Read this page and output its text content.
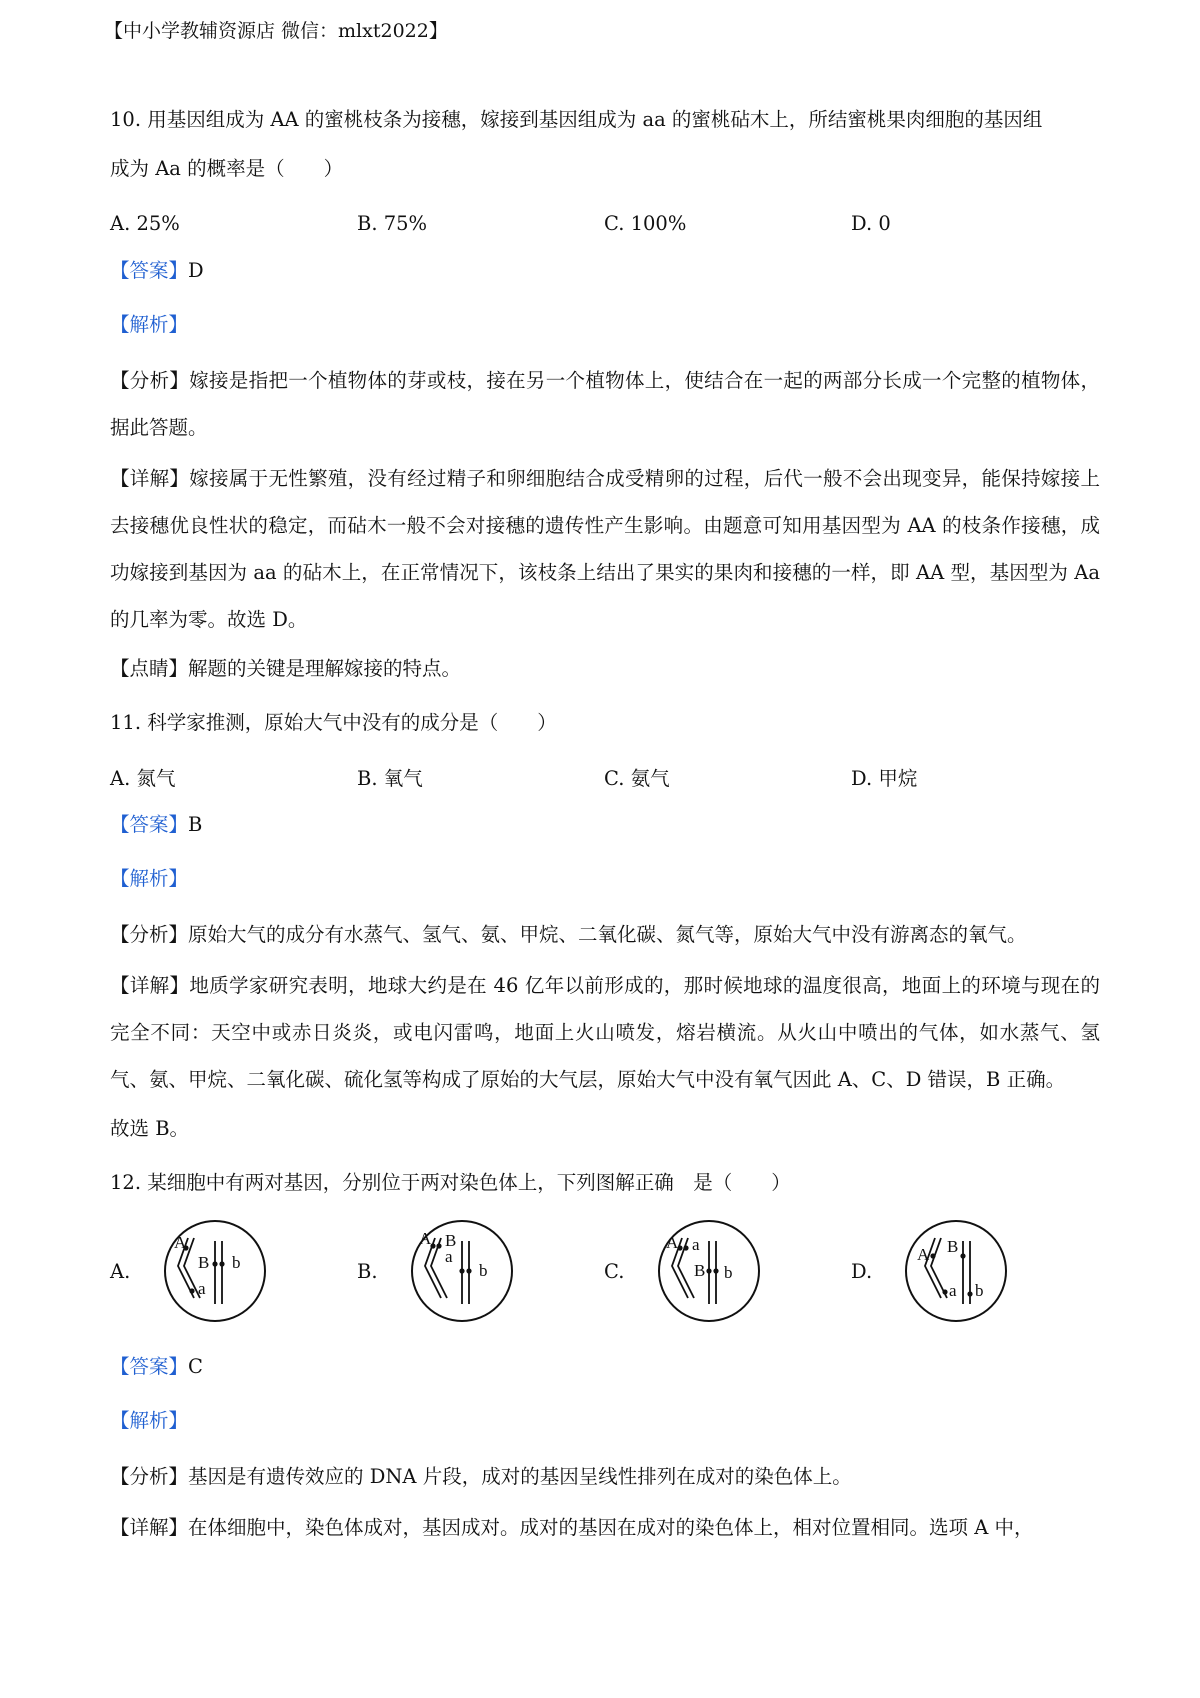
【中小学教辅资源店 微信：mlxt2022】
10. 用基因组成为 AA 的蜜桃枝条为接穗，嫁接到基因组成为 aa 的蜜桃砧木上，所结蜜桃果肉细胞的基因组
成为 Aa 的概率是（　　）
A. 25%	B. 75%	C. 100%	D. 0
【答案】D
【解析】
【分析】嫁接是指把一个植物体的芽或枝，接在另一个植物体上，使结合在一起的两部分长成一个完整的植物体，据此答题。
【详解】嫁接属于无性繁殖，没有经过精子和卵细胞结合成受精卵的过程，后代一般不会出现变异，能保持嫁接上去接穗优良性状的稳定，而砧木一般不会对接穗的遗传性产生影响。由题意可知用基因型为 AA 的枝条作接穗，成功嫁接到基因为 aa 的砧木上，在正常情况下，该枝条上结出了果实的果肉和接穗的一样，即 AA 型，基因型为 Aa 的几率为零。故选 D。
【点睛】解题的关键是理解嫁接的特点。
11. 科学家推测，原始大气中没有的成分是（　　）
A. 氮气	B. 氧气	C. 氨气	D. 甲烷
【答案】B
【解析】
【分析】原始大气的成分有水蒸气、氢气、氨、甲烷、二氧化碳、氮气等，原始大气中没有游离态的氧气。
【详解】地质学家研究表明，地球大约是在 46 亿年以前形成的，那时候地球的温度很高，地面上的环境与现在的完全不同：天空中或赤日炎炎，或电闪雷鸣，地面上火山喷发，熔岩横流。从火山中喷出的气体，如水蒸气、氢气、氨、甲烷、二氧化碳、硫化氢等构成了原始的大气层，原始大气中没有氧气因此 A、C、D 错误，B 正确。
故选 B。
12. 某细胞中有两对基因，分别位于两对染色体上，下列图解正确　是（　　）
A.
A
a
B b	B.
A B
a
b	C.
A a
B b	D.
A
a
B
b
【答案】C
【解析】
【分析】基因是有遗传效应的 DNA 片段，成对的基因呈线性排列在成对的染色体上。
【详解】在体细胞中，染色体成对，基因成对。成对的基因在成对的染色体上，相对位置相同。选项 A 中，
